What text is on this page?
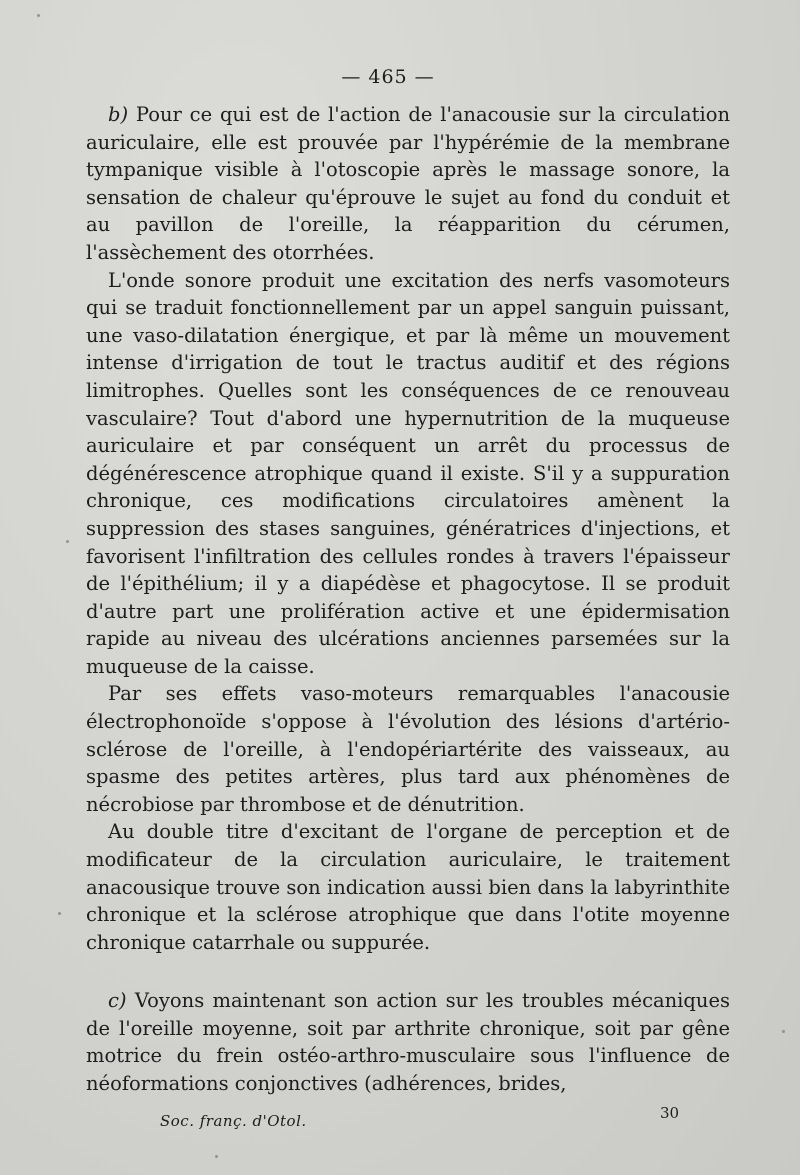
— 465 —

b) Pour ce qui est de l'action de l'anacousie sur la circulation auriculaire, elle est prouvée par l'hypérémie de la membrane tympanique visible à l'otoscopie après le massage sonore, la sensation de chaleur qu'éprouve le sujet au fond du conduit et au pavillon de l'oreille, la réapparition du cérumen, l'assèchement des otorrhées.

L'onde sonore produit une excitation des nerfs vasomoteurs qui se traduit fonctionnellement par un appel sanguin puissant, une vaso-dilatation énergique, et par là même un mouvement intense d'irrigation de tout le tractus auditif et des régions limitrophes. Quelles sont les conséquences de ce renouveau vasculaire? Tout d'abord une hypernutrition de la muqueuse auriculaire et par conséquent un arrêt du processus de dégénérescence atrophique quand il existe. S'il y a suppuration chronique, ces modifications circulatoires amènent la suppression des stases sanguines, génératrices d'injections, et favorisent l'infiltration des cellules rondes à travers l'épaisseur de l'épithélium; il y a diapédèse et phagocytose. Il se produit d'autre part une prolifération active et une épidermisation rapide au niveau des ulcérations anciennes parsemées sur la muqueuse de la caisse.

Par ses effets vaso-moteurs remarquables l'anacousie électrophonoïde s'oppose à l'évolution des lésions d'artério-sclérose de l'oreille, à l'endopériartérite des vaisseaux, au spasme des petites artères, plus tard aux phénomènes de nécrobiose par thrombose et de dénutrition.

Au double titre d'excitant de l'organe de perception et de modificateur de la circulation auriculaire, le traitement anacousique trouve son indication aussi bien dans la labyrinthite chronique et la sclérose atrophique que dans l'otite moyenne chronique catarrhale ou suppurée.

c) Voyons maintenant son action sur les troubles mécaniques de l'oreille moyenne, soit par arthrite chronique, soit par gêne motrice du frein ostéo-arthro-musculaire sous l'influence de néoformations conjonctives (adhérences, brides,

Soc. franç. d'Otol.	30
